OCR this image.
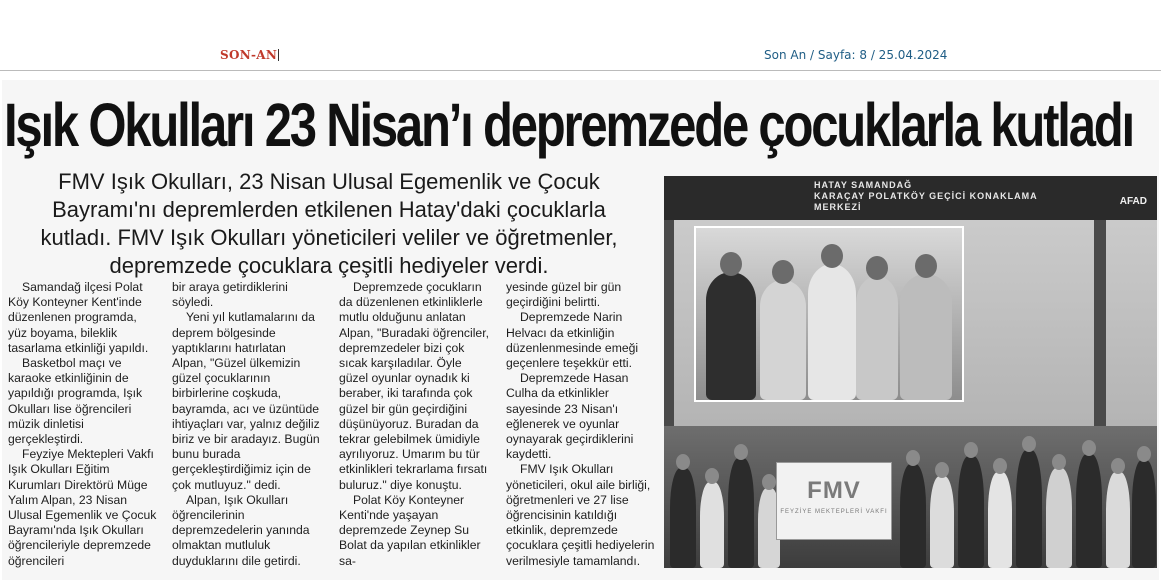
SON-AN	Son An / Sayfa: 8 / 25.04.2024
Işık Okulları 23 Nisan’ı depremzede çocuklarla kutladı
FMV Işık Okulları, 23 Nisan Ulusal Egemenlik ve Çocuk
Bayramı'nı depremlerden etkilenen Hatay'daki çocuklarla
kutladı. FMV Işık Okulları yöneticileri veliler ve öğretmenler,
depremzede çocuklara çeşitli hediyeler verdi.

Samandağ ilçesi Polat Köy Konteyner Kent'inde düzenlenen programda, yüz boyama, bileklik tasarlama etkinliği yapıldı.

Basketbol maçı ve karaoke etkinliğinin de yapıldığı programda, Işık Okulları lise öğrencileri müzik dinletisi gerçekleştirdi.

Feyziye Mektepleri Vakfı Işık Okulları Eğitim Kurumları Direktörü Müge Yalım Alpan, 23 Nisan Ulusal Egemenlik ve Çocuk Bayramı'nda Işık Okulları öğrencileriyle depremzede öğrencileri

bir araya getirdiklerini söyledi.

Yeni yıl kutlamalarını da deprem bölgesinde yaptıklarını hatırlatan Alpan, "Güzel ülkemizin güzel çocuklarının birbirlerine coşkuda, bayramda, acı ve üzüntüde ihtiyaçları var, yalnız değiliz biriz ve bir aradayız. Bugün bunu burada gerçekleştirdiğimiz için de çok mutluyuz." dedi.

Alpan, Işık Okulları öğrencilerinin depremzedelerin yanında olmaktan mutluluk duyduklarını dile getirdi.

Depremzede çocukların da düzenlenen etkinliklerle mutlu olduğunu anlatan Alpan, "Buradaki öğrenciler, depremzedeler bizi çok sıcak karşıladılar. Öyle güzel oyunlar oynadık ki beraber, iki tarafında çok güzel bir gün geçirdiğini düşünüyoruz. Buradan da tekrar gelebilmek ümidiyle ayrılıyoruz. Umarım bu tür etkinlikleri tekrarlama fırsatı buluruz." diye konuştu.

Polat Köy Konteyner Kenti'nde yaşayan depremzede Zeynep Su Bolat da yapılan etkinlikler sa-

yesinde güzel bir gün geçirdiğini belirtti.

Depremzede Narin Helvacı da etkinliğin düzenlenmesinde emeği geçenlere teşekkür etti.

Depremzede Hasan Culha da etkinlikler sayesinde 23 Nisan'ı eğlenerek ve oyunlar oynayarak geçirdiklerini kaydetti.

FMV Işık Okulları yöneticileri, okul aile birliği, öğretmenleri ve 27 lise öğrencisinin katıldığı etkinlik, depremzede çocuklara çeşitli hediyelerin verilmesiyle tamamlandı.

HATAY SAMANDAĞ
KARAÇAY POLATKÖY GEÇİCİ KONAKLAMA MERKEZİ	AFAD
FMV
FEYZİYE MEKTEPLERİ VAKFI
